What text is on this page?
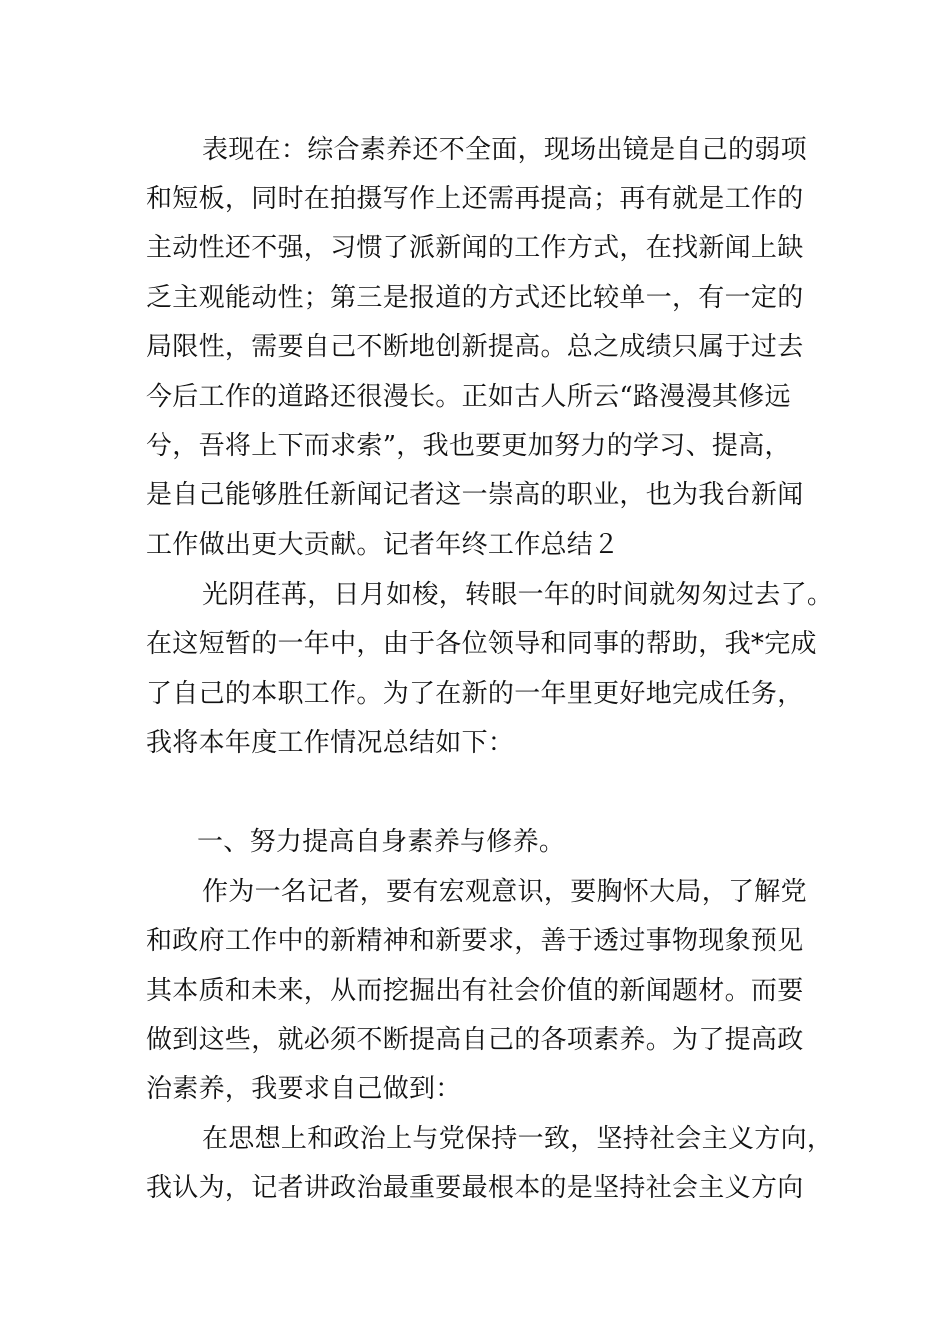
表现在：综合素养还不全面，现场出镜是自己的弱项
和短板，同时在拍摄写作上还需再提高；再有就是工作的
主动性还不强，习惯了派新闻的工作方式，在找新闻上缺
乏主观能动性；第三是报道的方式还比较单一，有一定的
局限性，需要自己不断地创新提高。总之成绩只属于过去
今后工作的道路还很漫长。正如古人所云“路漫漫其修远
兮，吾将上下而求索”，我也要更加努力的学习、提高，
是自己能够胜任新闻记者这一崇高的职业，也为我台新闻
工作做出更大贡献。记者年终工作总结２
光阴荏苒，日月如梭，转眼一年的时间就匆匆过去了。
在这短暂的一年中，由于各位领导和同事的帮助，我*完成
了自己的本职工作。为了在新的一年里更好地完成任务，
我将本年度工作情况总结如下：
一、努力提高自身素养与修养。
作为一名记者，要有宏观意识，要胸怀大局，了解党
和政府工作中的新精神和新要求，善于透过事物现象预见
其本质和未来，从而挖掘出有社会价值的新闻题材。而要
做到这些，就必须不断提高自己的各项素养。为了提高政
治素养，我要求自己做到：
在思想上和政治上与党保持一致，坚持社会主义方向，
我认为，记者讲政治最重要最根本的是坚持社会主义方向
